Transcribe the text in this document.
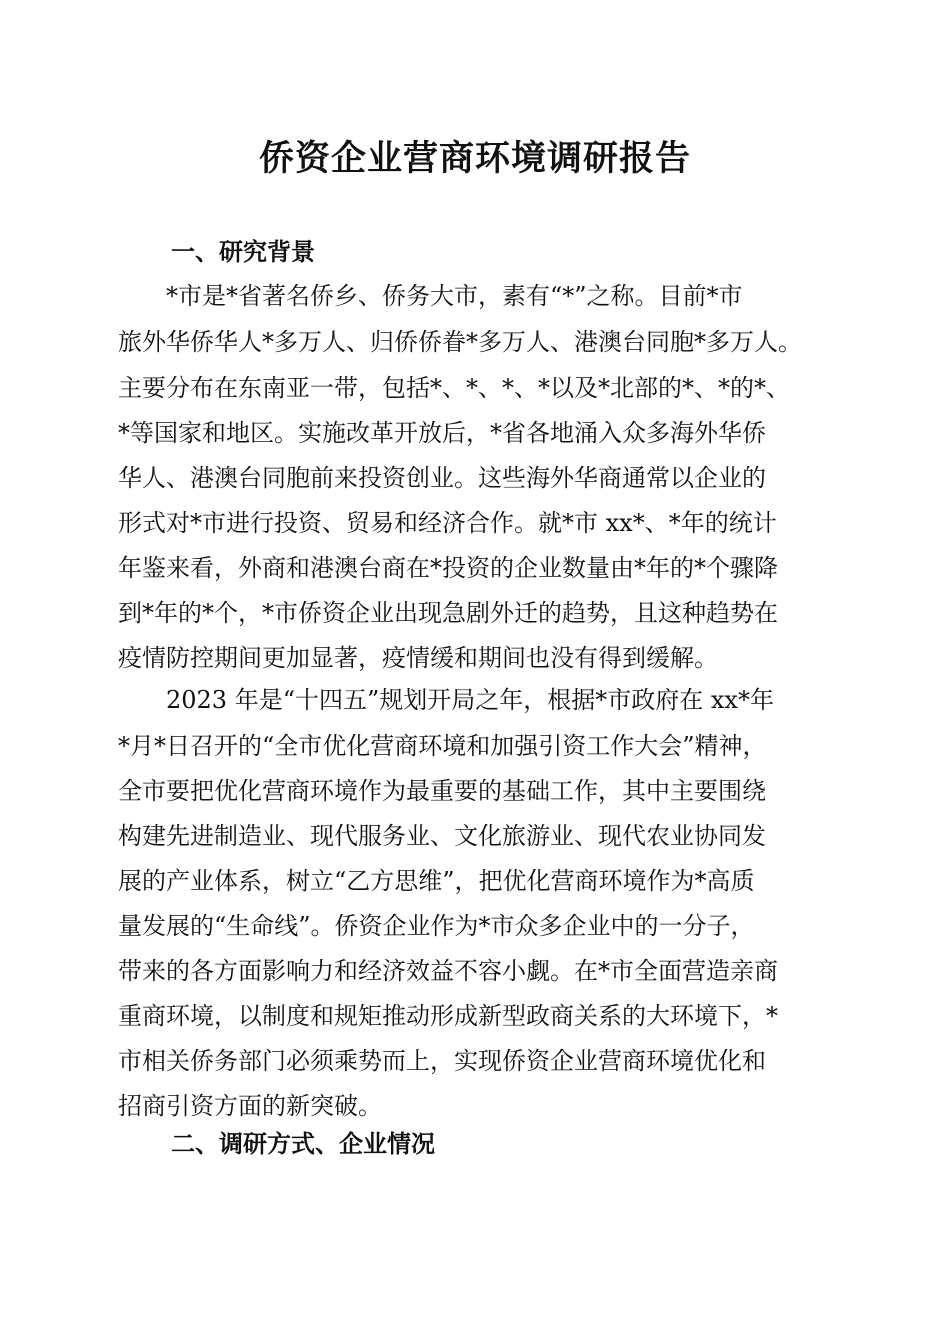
侨资企业营商环境调研报告
一、研究背景
*市是*省著名侨乡、侨务大市，素有“*”之称。目前*市
旅外华侨华人*多万人、归侨侨眷*多万人、港澳台同胞*多万人。
主要分布在东南亚一带，包括*、*、*、*以及*北部的*、*的*、
*等国家和地区。实施改革开放后，*省各地涌入众多海外华侨
华人、港澳台同胞前来投资创业。这些海外华商通常以企业的
形式对*市进行投资、贸易和经济合作。就*市 xx*、*年的统计
年鉴来看，外商和港澳台商在*投资的企业数量由*年的*个骤降
到*年的*个，*市侨资企业出现急剧外迁的趋势，且这种趋势在
疫情防控期间更加显著，疫情缓和期间也没有得到缓解。
2023 年是“十四五”规划开局之年，根据*市政府在 xx*年
*月*日召开的“全市优化营商环境和加强引资工作大会”精神，
全市要把优化营商环境作为最重要的基础工作，其中主要围绕
构建先进制造业、现代服务业、文化旅游业、现代农业协同发
展的产业体系，树立“乙方思维”，把优化营商环境作为*高质
量发展的“生命线”。侨资企业作为*市众多企业中的一分子，
带来的各方面影响力和经济效益不容小觑。在*市全面营造亲商
重商环境，以制度和规矩推动形成新型政商关系的大环境下，*
市相关侨务部门必须乘势而上，实现侨资企业营商环境优化和
招商引资方面的新突破。
二、调研方式、企业情况
